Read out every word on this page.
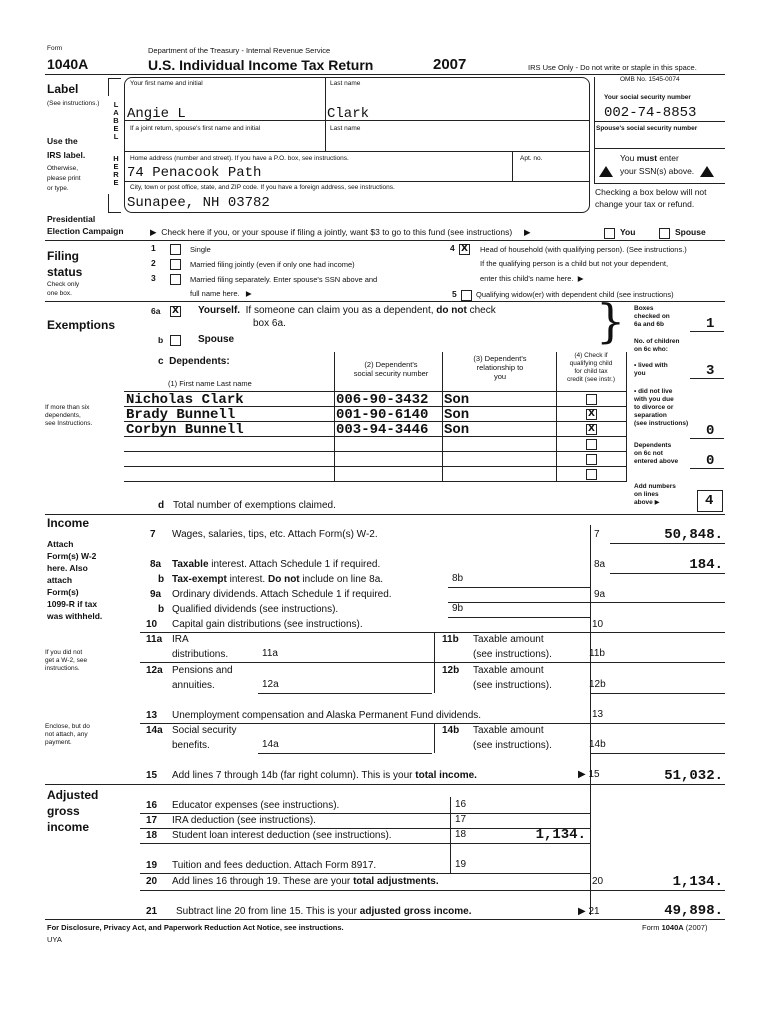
Form
1040A
Department of the Treasury - Internal Revenue Service
U.S. Individual Income Tax Return	2007	IRS Use Only - Do not write or staple in this space.
Label
(See instructions.)
Use the
IRS label.
Otherwise,
please print
or type.
L
A
B
E
L
H
E
R
E
Your first name and initial
Angie L
Last name
Clark
If a joint return, spouse's first name and initial	Last name
Home address (number and street). If you have a P.O. box, see instructions.	Apt. no.
74 Penacook Path
City, town or post office, state, and ZIP code. If you have a foreign address, see instructions.
Sunapee, NH 03782
OMB No. 1545-0074
Your social security number
002-74-8853
Spouse's social security number
You must enter
your SSN(s) above.
Checking a box below will not
change your tax or refund.
Presidential
Election Campaign	▶  Check here if you, or your spouse if filing a jointly, want $3 to go to this fund (see instructions)     ▶	You	Spouse
Filing
status
Check only
one box.
1	Single
2	Married filing jointly (even if only one had income)
3	Married filing separately. Enter spouse's SSN above and
full name here.   ▶
4 X Head of household (with qualifying person). (See instructions.)
If the qualifying person is a child but not your dependent,
enter this child's name here.  ▶
5	Qualifying widow(er) with dependent child (see instructions)
Exemptions
6a X Yourself. If someone can claim you as a dependent, do not check
box 6a.
b	Spouse	}
c Dependents:
(1) First name Last name
(2) Dependent's
social security number
(3) Dependent's
relationship to
you
(4) Check if
qualifying child
for child tax
credit (see instr.)
If more than six
dependents,
see Instructions.
Nicholas Clark	006-90-3432 Son
Brady Bunnell	001-90-6140 Son	X
Corbyn Bunnell	003-94-3446 Son	X
Boxes
checked on
6a and 6b	1
No. of children
on 6c who:
• lived with
you	3
• did not live
with you due
to divorce or
separation
(see instructions) 0
Dependents
on 6c not
entered above 0
Add numbers
on lines
above ▶	4
d Total number of exemptions claimed.
Income
Attach
Form(s) W-2
here. Also
attach
Form(s)
1099-R if tax
was withheld.
If you did not
get a W-2, see
instructions.
Enclose, but do
not attach, any
payment.
7 Wages, salaries, tips, etc. Attach Form(s) W-2.	7	50,848.
8a Taxable interest. Attach Schedule 1 if required.	8a	184.
b Tax-exempt interest. Do not include on line 8a.	8b
9a Ordinary dividends. Attach Schedule 1 if required.	9a
b Qualified dividends (see instructions).	9b
10 Capital gain distributions (see instructions).	10
11a IRA
distributions.	11a
11b Taxable amount
(see instructions).	11b
12a Pensions and
annuities.	12a
12b Taxable amount
(see instructions).	12b
13 Unemployment compensation and Alaska Permanent Fund dividends.	13
14a Social security
benefits.	14a
14b Taxable amount
(see instructions).	14b
15 Add lines 7 through 14b (far right column). This is your total income.	▶ 15	51,032.
Adjusted
gross
income
16 Educator expenses (see instructions).	16
17 IRA deduction (see instructions).	17
18 Student loan interest deduction (see instructions).	18	1,134.
19 Tuition and fees deduction. Attach Form 8917.	19
20 Add lines 16 through 19. These are your total adjustments.	20	1,134.
21 Subtract line 20 from line 15. This is your adjusted gross income.	▶ 21	49,898.
For Disclosure, Privacy Act, and Paperwork Reduction Act Notice, see instructions.	Form 1040A (2007)
UYA
